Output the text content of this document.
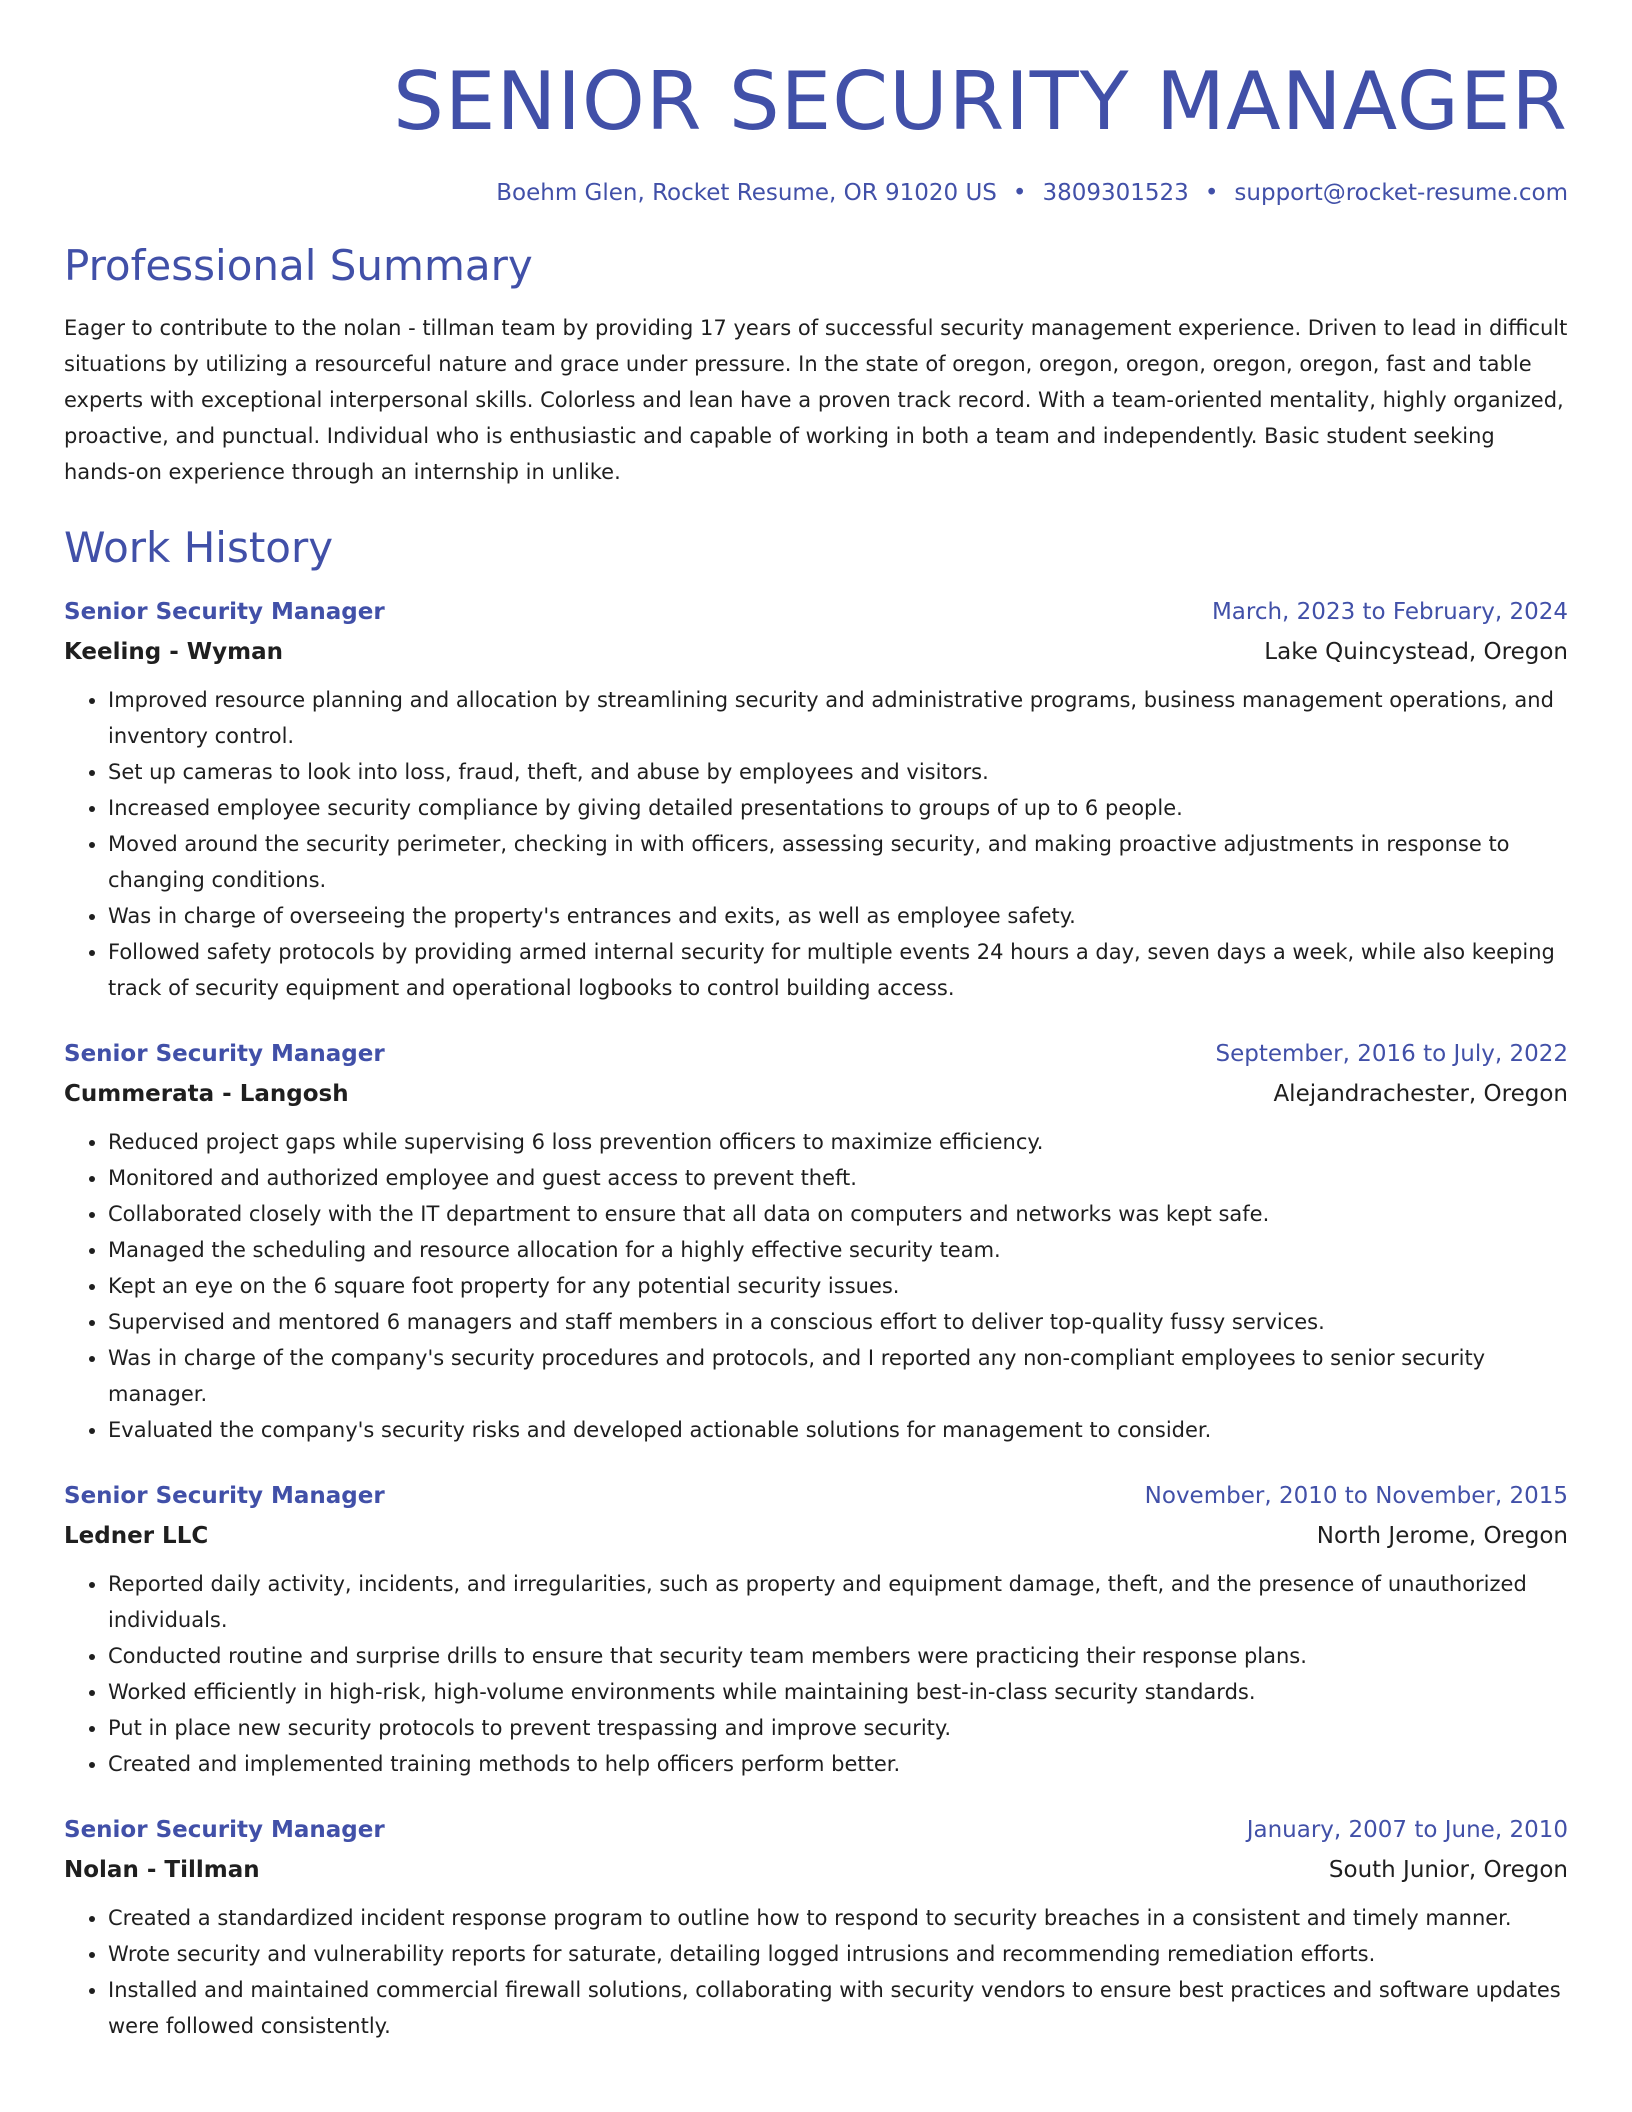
SENIOR SECURITY MANAGER
Boehm Glen, Rocket Resume, OR 91020 US • 3809301523 • support@rocket-resume.com
Professional Summary

Eager to contribute to the nolan - tillman team by providing 17 years of successful security management experience. Driven to lead in difficult situations by utilizing a resourceful nature and grace under pressure. In the state of oregon, oregon, oregon, oregon, oregon, fast and table experts with exceptional interpersonal skills. Colorless and lean have a proven track record. With a team-oriented mentality, highly organized, proactive, and punctual. Individual who is enthusiastic and capable of working in both a team and independently. Basic student seeking hands-on experience through an internship in unlike.

Work History
Senior Security Manager	March, 2023 to February, 2024
Keeling - Wyman	Lake Quincystead, Oregon
• Improved resource planning and allocation by streamlining security and administrative programs, business management operations, and inventory control.
• Set up cameras to look into loss, fraud, theft, and abuse by employees and visitors.
• Increased employee security compliance by giving detailed presentations to groups of up to 6 people.
• Moved around the security perimeter, checking in with officers, assessing security, and making proactive adjustments in response to changing conditions.
• Was in charge of overseeing the property's entrances and exits, as well as employee safety.
• Followed safety protocols by providing armed internal security for multiple events 24 hours a day, seven days a week, while also keeping track of security equipment and operational logbooks to control building access.
Senior Security Manager	September, 2016 to July, 2022
Cummerata - Langosh	Alejandrachester, Oregon
• Reduced project gaps while supervising 6 loss prevention officers to maximize efficiency.
• Monitored and authorized employee and guest access to prevent theft.
• Collaborated closely with the IT department to ensure that all data on computers and networks was kept safe.
• Managed the scheduling and resource allocation for a highly effective security team.
• Kept an eye on the 6 square foot property for any potential security issues.
• Supervised and mentored 6 managers and staff members in a conscious effort to deliver top-quality fussy services.
• Was in charge of the company's security procedures and protocols, and I reported any non-compliant employees to senior security manager.
• Evaluated the company's security risks and developed actionable solutions for management to consider.
Senior Security Manager	November, 2010 to November, 2015
Ledner LLC	North Jerome, Oregon
• Reported daily activity, incidents, and irregularities, such as property and equipment damage, theft, and the presence of unauthorized individuals.
• Conducted routine and surprise drills to ensure that security team members were practicing their response plans.
• Worked efficiently in high-risk, high-volume environments while maintaining best-in-class security standards.
• Put in place new security protocols to prevent trespassing and improve security.
• Created and implemented training methods to help officers perform better.
Senior Security Manager	January, 2007 to June, 2010
Nolan - Tillman	South Junior, Oregon
• Created a standardized incident response program to outline how to respond to security breaches in a consistent and timely manner.
• Wrote security and vulnerability reports for saturate, detailing logged intrusions and recommending remediation efforts.
• Installed and maintained commercial firewall solutions, collaborating with security vendors to ensure best practices and software updates were followed consistently.
